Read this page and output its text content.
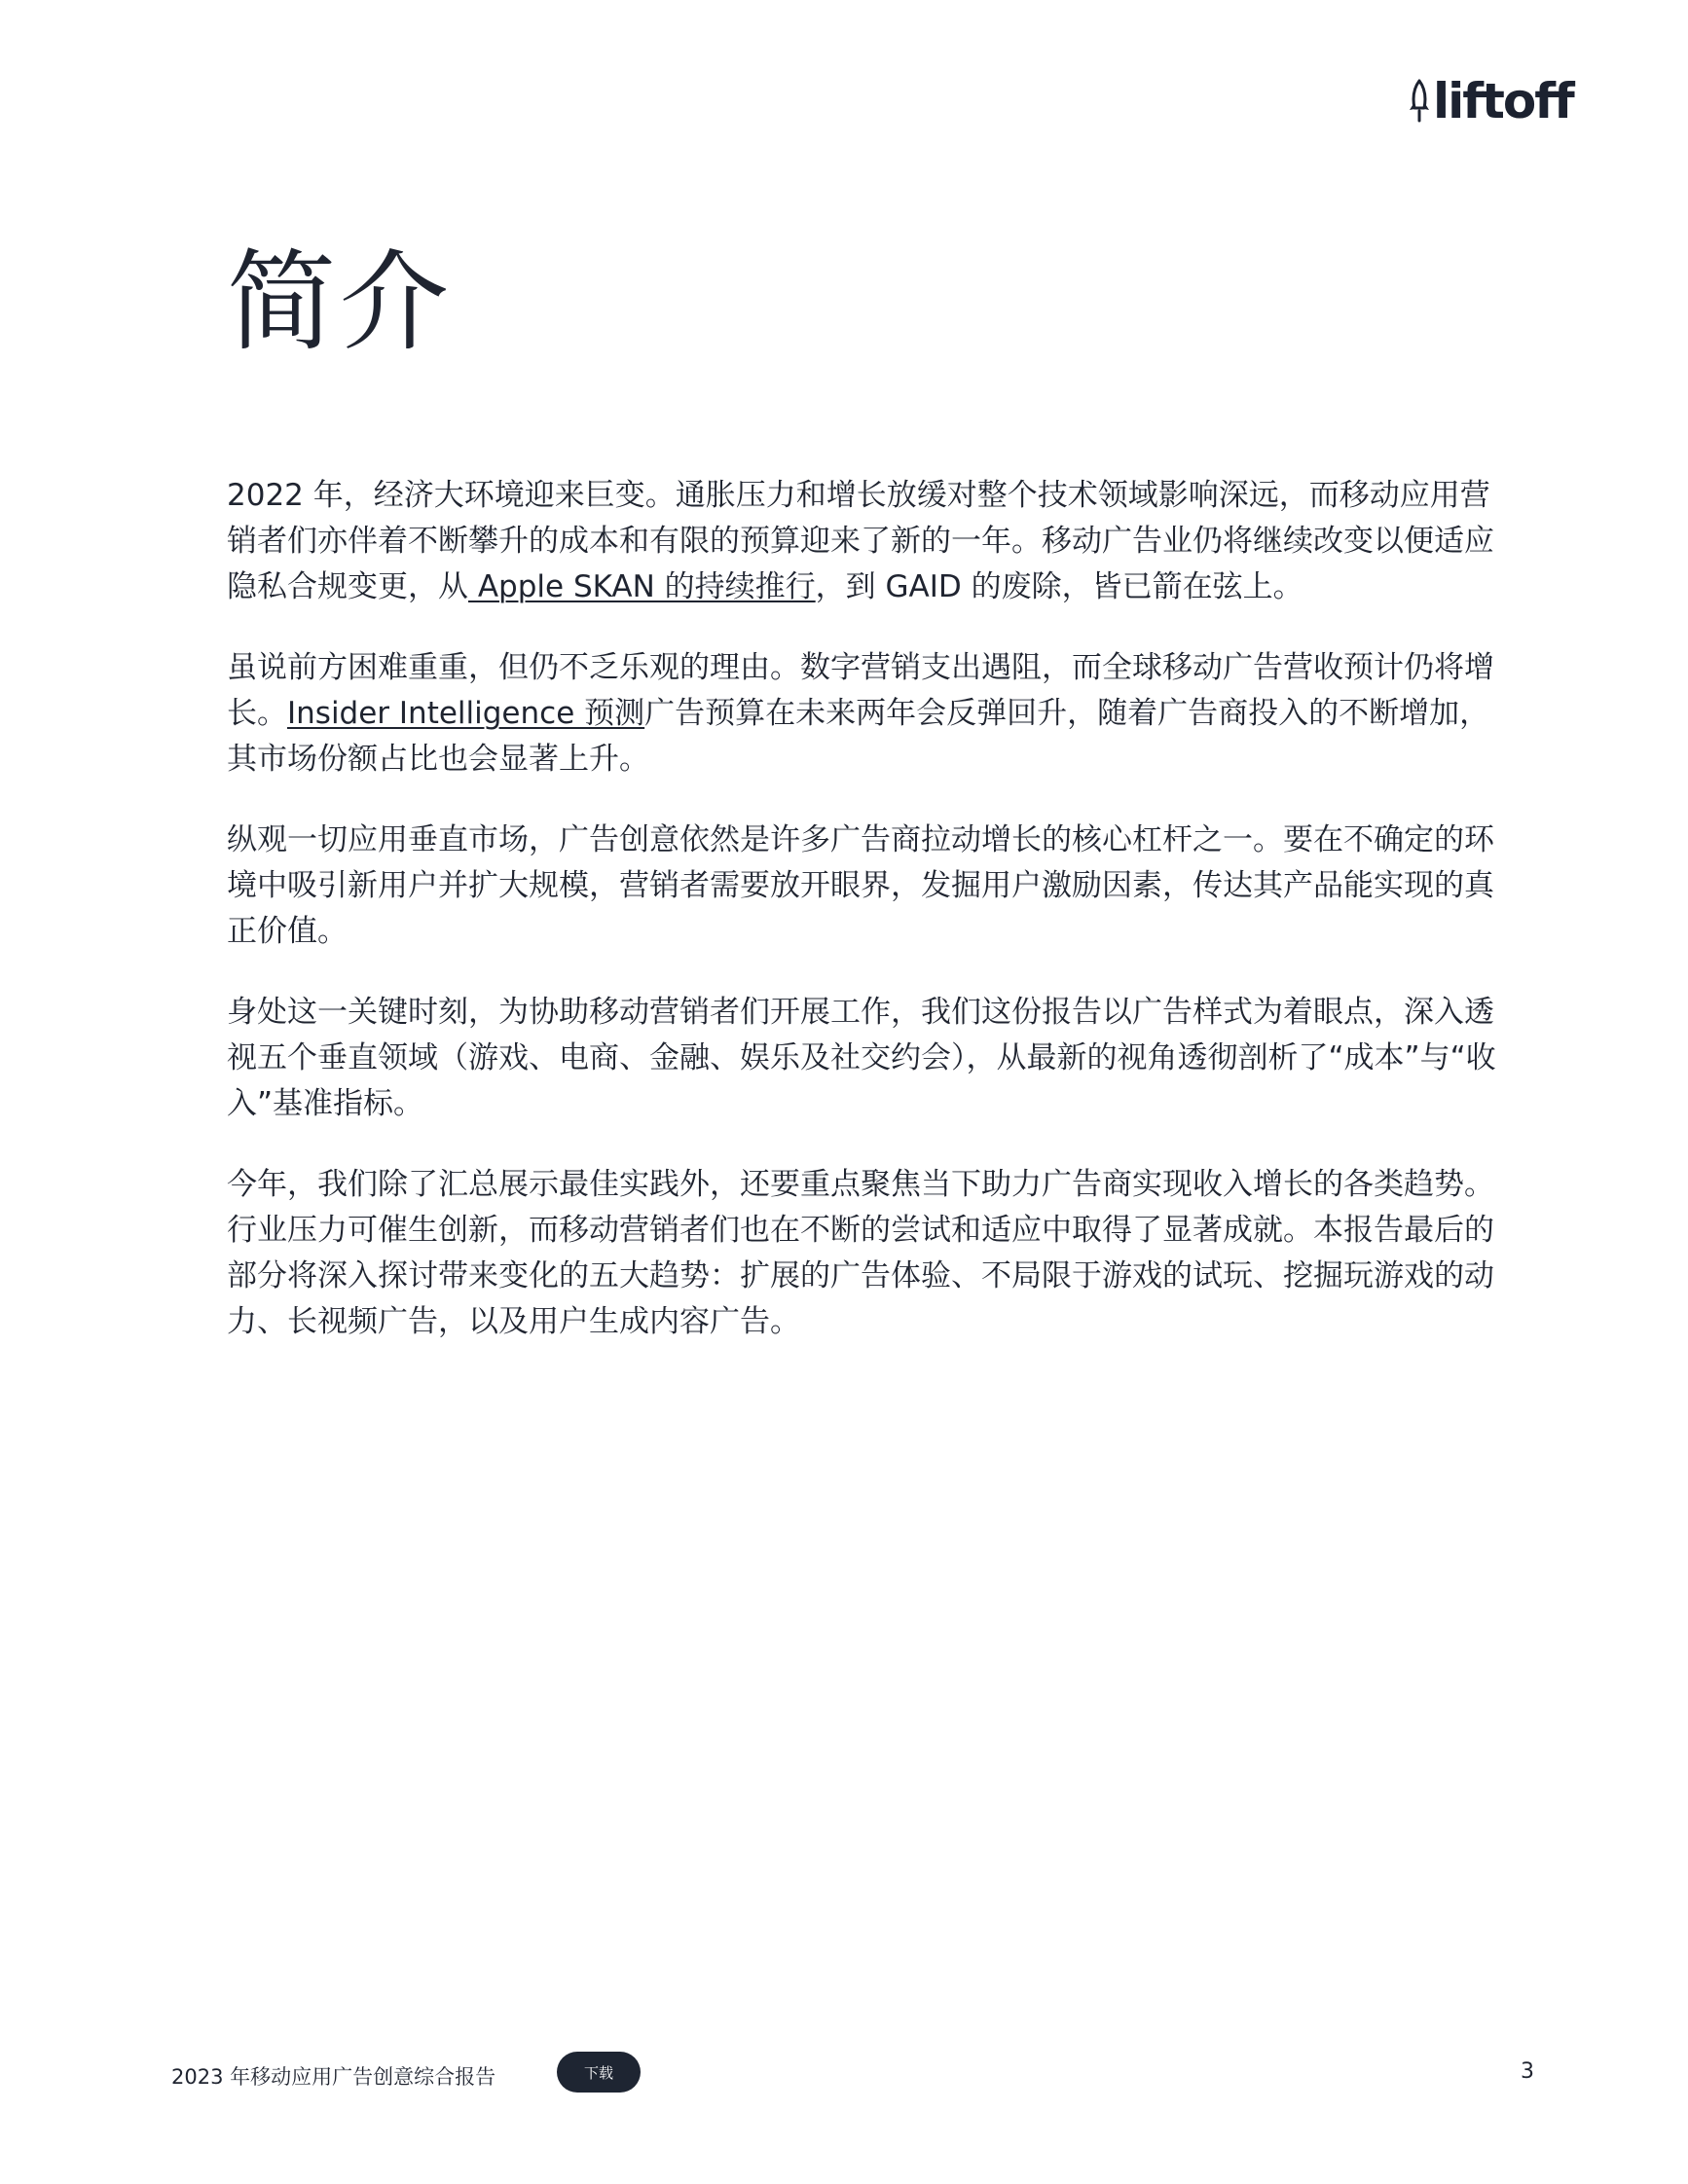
liftoff
简介

2022 年，经济大环境迎来巨变。通胀压力和增长放缓对整个技术领域影响深远，而移动应用营销者们亦伴着不断攀升的成本和有限的预算迎来了新的一年。移动广告业仍将继续改变以便适应隐私合规变更，从 Apple SKAN 的持续推行，到 GAID 的废除，皆已箭在弦上。

虽说前方困难重重，但仍不乏乐观的理由。数字营销支出遇阻，而全球移动广告营收预计仍将增长。Insider Intelligence 预测广告预算在未来两年会反弹回升，随着广告商投入的不断增加，其市场份额占比也会显著上升。

纵观一切应用垂直市场，广告创意依然是许多广告商拉动增长的核心杠杆之一。要在不确定的环境中吸引新用户并扩大规模，营销者需要放开眼界，发掘用户激励因素，传达其产品能实现的真正价值。

身处这一关键时刻，为协助移动营销者们开展工作，我们这份报告以广告样式为着眼点，深入透视五个垂直领域（游戏、电商、金融、娱乐及社交约会），从最新的视角透彻剖析了“成本”与“收入”基准指标。

今年，我们除了汇总展示最佳实践外，还要重点聚焦当下助力广告商实现收入增长的各类趋势。行业压力可催生创新，而移动营销者们也在不断的尝试和适应中取得了显著成就。本报告最后的部分将深入探讨带来变化的五大趋势：扩展的广告体验、不局限于游戏的试玩、挖掘玩游戏的动力、长视频广告，以及用户生成内容广告。

2023 年移动应用广告创意综合报告	下载	3
